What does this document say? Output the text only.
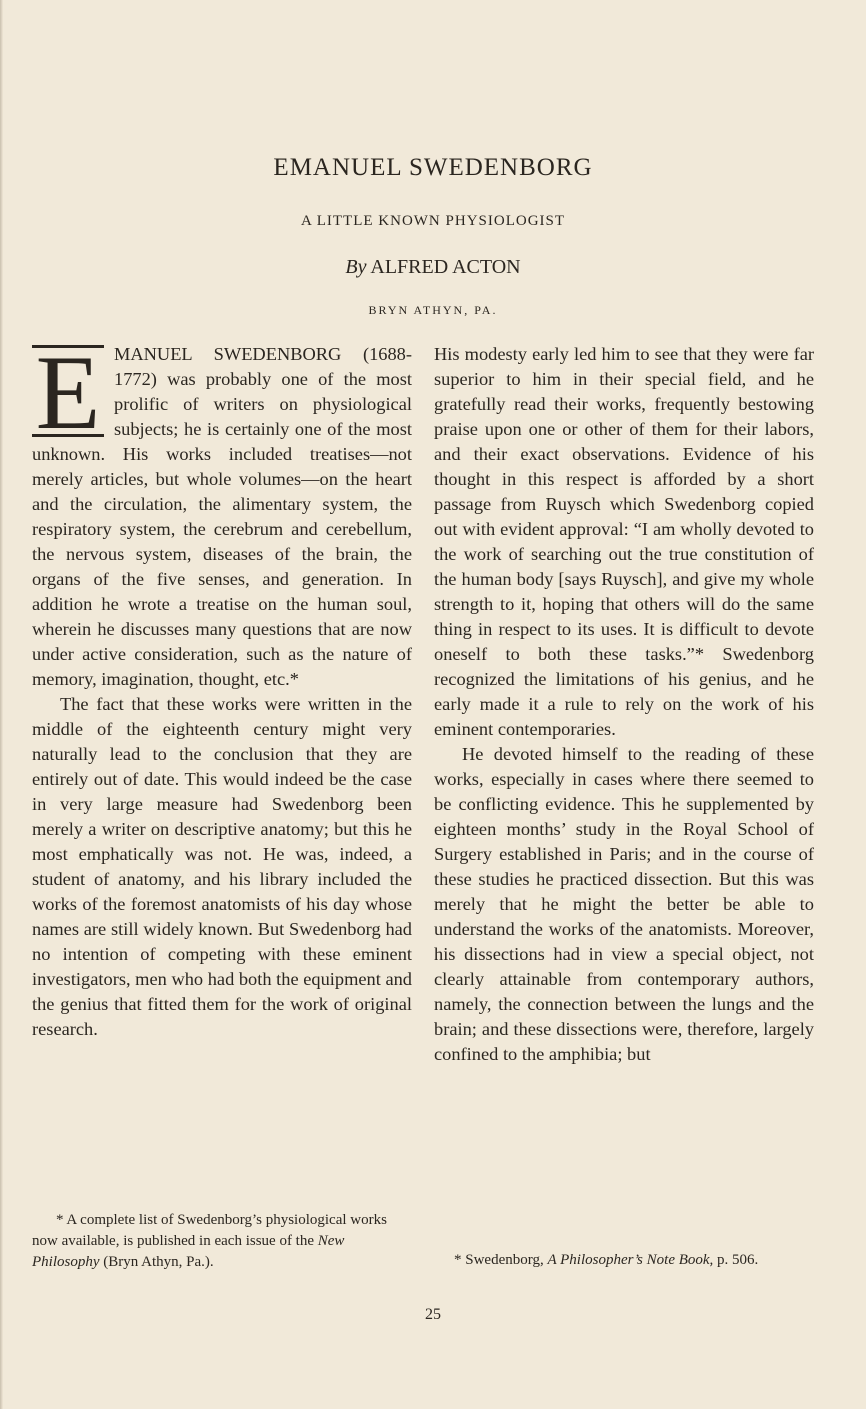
EMANUEL SWEDENBORG
A LITTLE KNOWN PHYSIOLOGIST
By ALFRED ACTON
BRYN ATHYN, PA.

E MANUEL SWEDENBORG (1688-1772) was probably one of the most prolific of writers on physiological subjects; he is certainly one of the most unknown. His works included treatises—not merely articles, but whole volumes—on the heart and the circulation, the alimentary system, the respiratory system, the cerebrum and cerebellum, the nervous system, diseases of the brain, the organs of the five senses, and generation. In addition he wrote a treatise on the human soul, wherein he discusses many questions that are now under active consideration, such as the nature of memory, imagination, thought, etc.*

The fact that these works were written in the middle of the eighteenth century might very naturally lead to the conclusion that they are entirely out of date. This would indeed be the case in very large measure had Swedenborg been merely a writer on descriptive anatomy; but this he most emphatically was not. He was, indeed, a student of anatomy, and his library included the works of the foremost anatomists of his day whose names are still widely known. But Swedenborg had no intention of competing with these eminent investigators, men who had both the equipment and the genius that fitted them for the work of original research.

His modesty early led him to see that they were far superior to him in their special field, and he gratefully read their works, frequently bestowing praise upon one or other of them for their labors, and their exact observations. Evidence of his thought in this respect is afforded by a short passage from Ruysch which Swedenborg copied out with evident approval: “I am wholly devoted to the work of searching out the true constitution of the human body [says Ruysch], and give my whole strength to it, hoping that others will do the same thing in respect to its uses. It is difficult to devote oneself to both these tasks.”* Swedenborg recognized the limitations of his genius, and he early made it a rule to rely on the work of his eminent contemporaries.

He devoted himself to the reading of these works, especially in cases where there seemed to be conflicting evidence. This he supplemented by eighteen months’ study in the Royal School of Surgery established in Paris; and in the course of these studies he practiced dissection. But this was merely that he might the better be able to understand the works of the anatomists. Moreover, his dissections had in view a special object, not clearly attainable from contemporary authors, namely, the connection between the lungs and the brain; and these dissections were, therefore, largely confined to the amphibia; but

* A complete list of Swedenborg’s physiological works now available, is published in each issue of the New Philosophy (Bryn Athyn, Pa.).	* Swedenborg, A Philosopher’s Note Book, p. 506.

25
